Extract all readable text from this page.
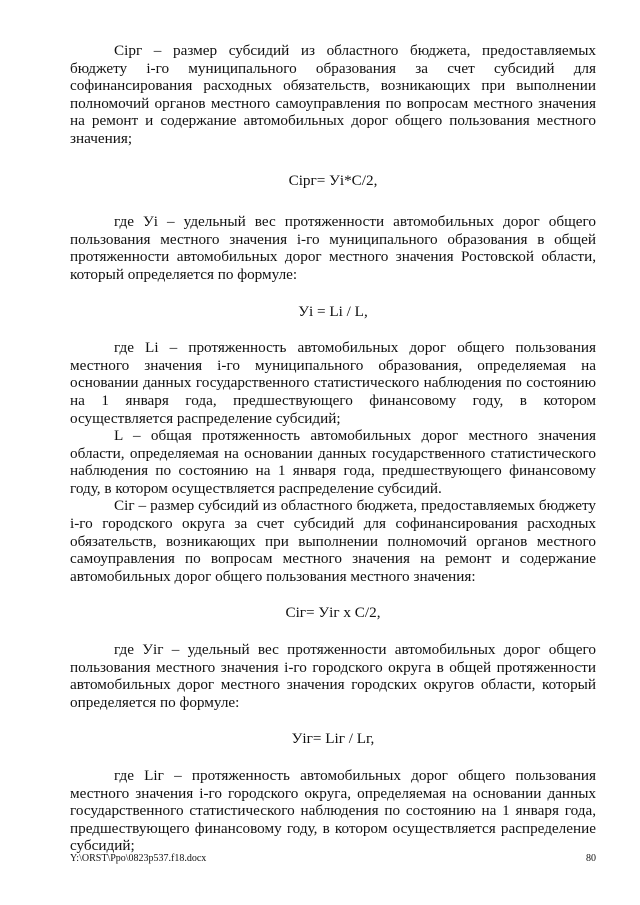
Ciрг – размер субсидий из областного бюджета, предоставляемых бюджету i-го муниципального образования за счет субсидий для софинансирования расходных обязательств, возникающих при выполнении полномочий органов местного самоуправления по вопросам местного значения на ремонт и содержание автомобильных дорог общего пользования местного значения;

Ciрг= Уi*С/2,

где Уi – удельный вес протяженности автомобильных дорог общего пользования местного значения i-го муниципального образования в общей протяженности автомобильных дорог местного значения Ростовской области, который определяется по формуле:

Уi = Li / L,

где Li – протяженность автомобильных дорог общего пользования местного значения i-го муниципального образования, определяемая на основании данных государственного статистического наблюдения по состоянию на 1 января года, предшествующего финансовому году, в котором осуществляется распределение субсидий;

L – общая протяженность автомобильных дорог местного значения области, определяемая на основании данных государственного статистического наблюдения по состоянию на 1 января года, предшествующего финансовому году, в котором осуществляется распределение субсидий.

Ciг – размер субсидий из областного бюджета, предоставляемых бюджету i-го городского округа за счет субсидий для софинансирования расходных обязательств, возникающих при выполнении полномочий органов местного самоуправления по вопросам местного значения на ремонт и содержание автомобильных дорог общего пользования местного значения:

Ciг= Уiг х С/2,

где Уiг – удельный вес протяженности автомобильных дорог общего пользования местного значения i-го городского округа в общей протяженности автомобильных дорог местного значения городских округов области, который определяется по формуле:

Уiг= Liг / Lг,

где Liг – протяженность автомобильных дорог общего пользования местного значения i-го городского округа, определяемая на основании данных государственного статистического наблюдения по состоянию на 1 января года, предшествующего финансовому году, в котором осуществляется распределение субсидий;

Y:\ORST\Ppo\0823p537.f18.docx	80
